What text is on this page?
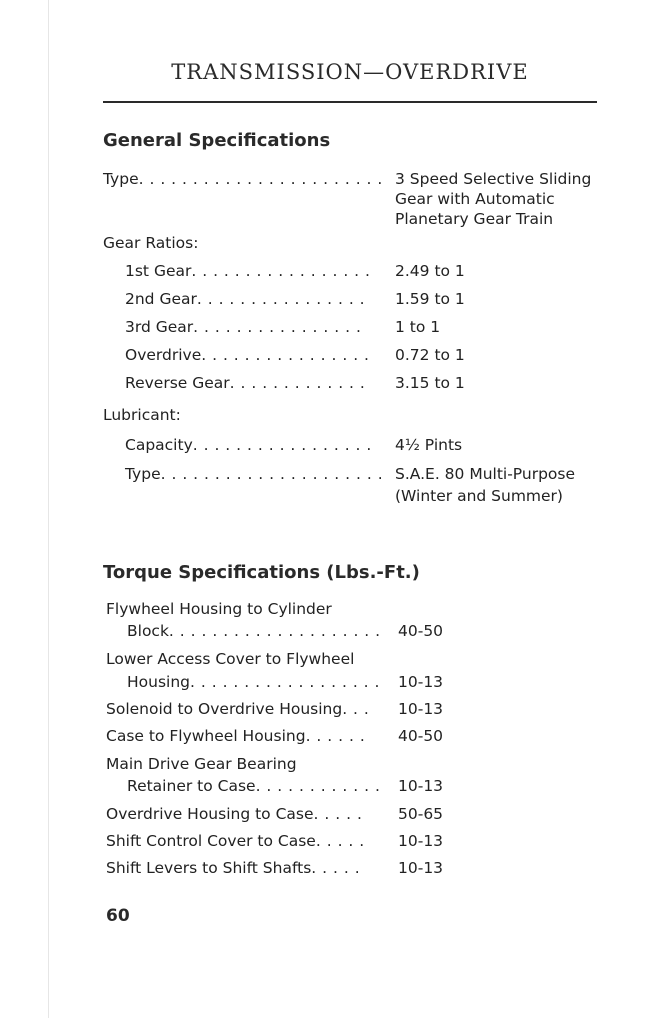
TRANSMISSION—OVERDRIVE
General Specifications
Type . . .	3 Speed Selective Sliding
Gear with Automatic
Planetary Gear Train
Gear Ratios:
1st Gear . . .	2.49 to 1
2nd Gear . . .	1.59 to 1
3rd Gear . . .	1 to 1
Overdrive . . .	0.72 to 1
Reverse Gear . . .	3.15 to 1
Lubricant:
Capacity . . .	4½ Pints
Type . . .	S.A.E. 80 Multi-Purpose
(Winter and Summer)
Torque Specifications (Lbs.-Ft.)
Flywheel Housing to Cylinder
Block . . .	40-50
Lower Access Cover to Flywheel
Housing . . .	10-13
Solenoid to Overdrive Housing . . .	10-13
Case to Flywheel Housing . . .	40-50
Main Drive Gear Bearing
Retainer to Case . . .	10-13
Overdrive Housing to Case . . .	50-65
Shift Control Cover to Case . . .	10-13
Shift Levers to Shift Shafts . . .	10-13
60
